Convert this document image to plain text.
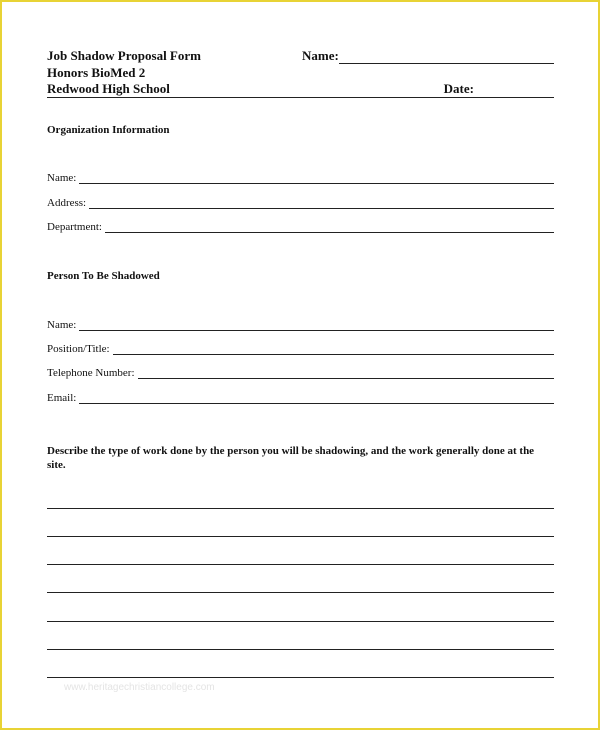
Job Shadow Proposal Form	Name:
Honors BioMed 2
Redwood High School	Date:
Organization Information
Name:
Address:
Department:
Person To Be Shadowed
Name:
Position/Title:
Telephone Number:
Email:
Describe the type of work done by the person you will be shadowing, and the work generally done at the site.
www.heritagechristiancollege.com
